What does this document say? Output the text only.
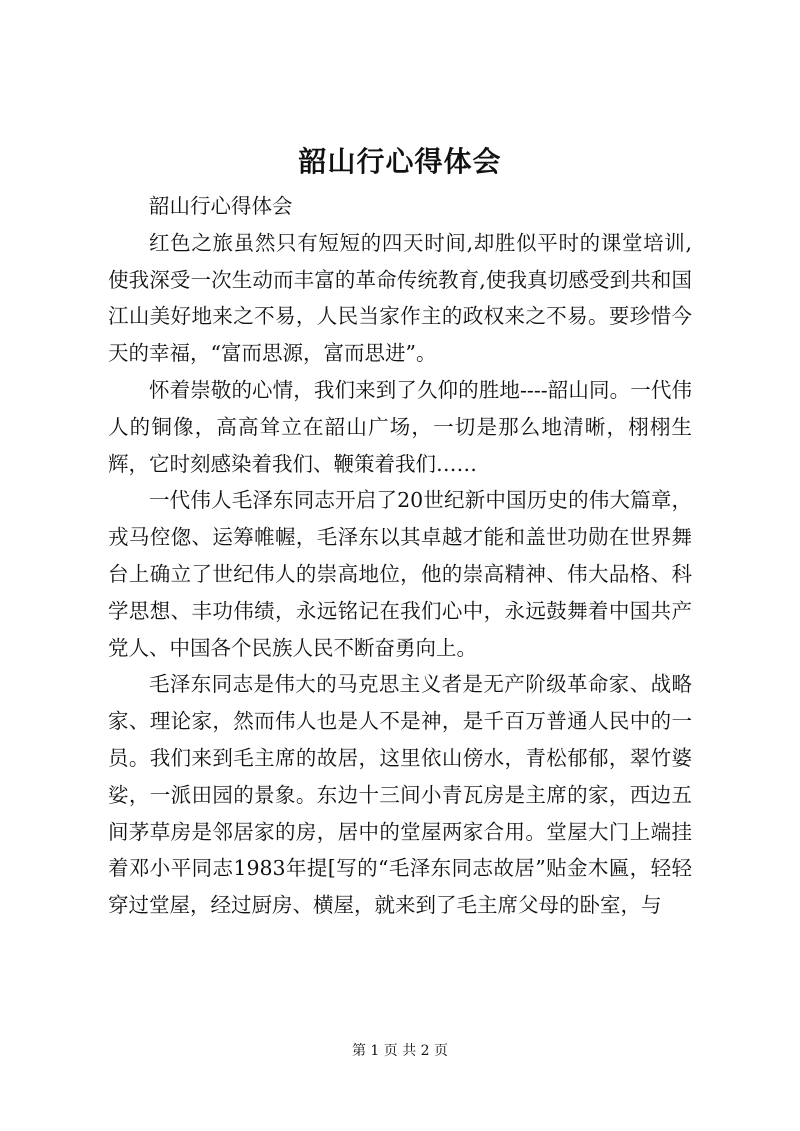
韶山行心得体会

韶山行心得体会

红色之旅虽然只有短短的四天时间,却胜似平时的课堂培训,使我深受一次生动而丰富的革命传统教育,使我真切感受到共和国江山美好地来之不易，人民当家作主的政权来之不易。要珍惜今天的幸福，“富而思源，富而思进”。

怀着崇敬的心情，我们来到了久仰的胜地----韶山同。一代伟人的铜像，高高耸立在韶山广场，一切是那么地清晰，栩栩生辉，它时刻感染着我们、鞭策着我们……

一代伟人毛泽东同志开启了20世纪新中国历史的伟大篇章，戎马倥偬、运筹帷幄，毛泽东以其卓越才能和盖世功勋在世界舞台上确立了世纪伟人的崇高地位，他的崇高精神、伟大品格、科学思想、丰功伟绩，永远铭记在我们心中，永远鼓舞着中国共产党人、中国各个民族人民不断奋勇向上。

毛泽东同志是伟大的马克思主义者是无产阶级革命家、战略家、理论家，然而伟人也是人不是神，是千百万普通人民中的一员。我们来到毛主席的故居，这里依山傍水，青松郁郁，翠竹婆娑，一派田园的景象。东边十三间小青瓦房是主席的家，西边五间茅草房是邻居家的房，居中的堂屋两家合用。堂屋大门上端挂着邓小平同志1983年提[写的“毛泽东同志故居”贴金木匾，轻轻穿过堂屋，经过厨房、横屋，就来到了毛主席父母的卧室，与

第 1 页 共 2 页
